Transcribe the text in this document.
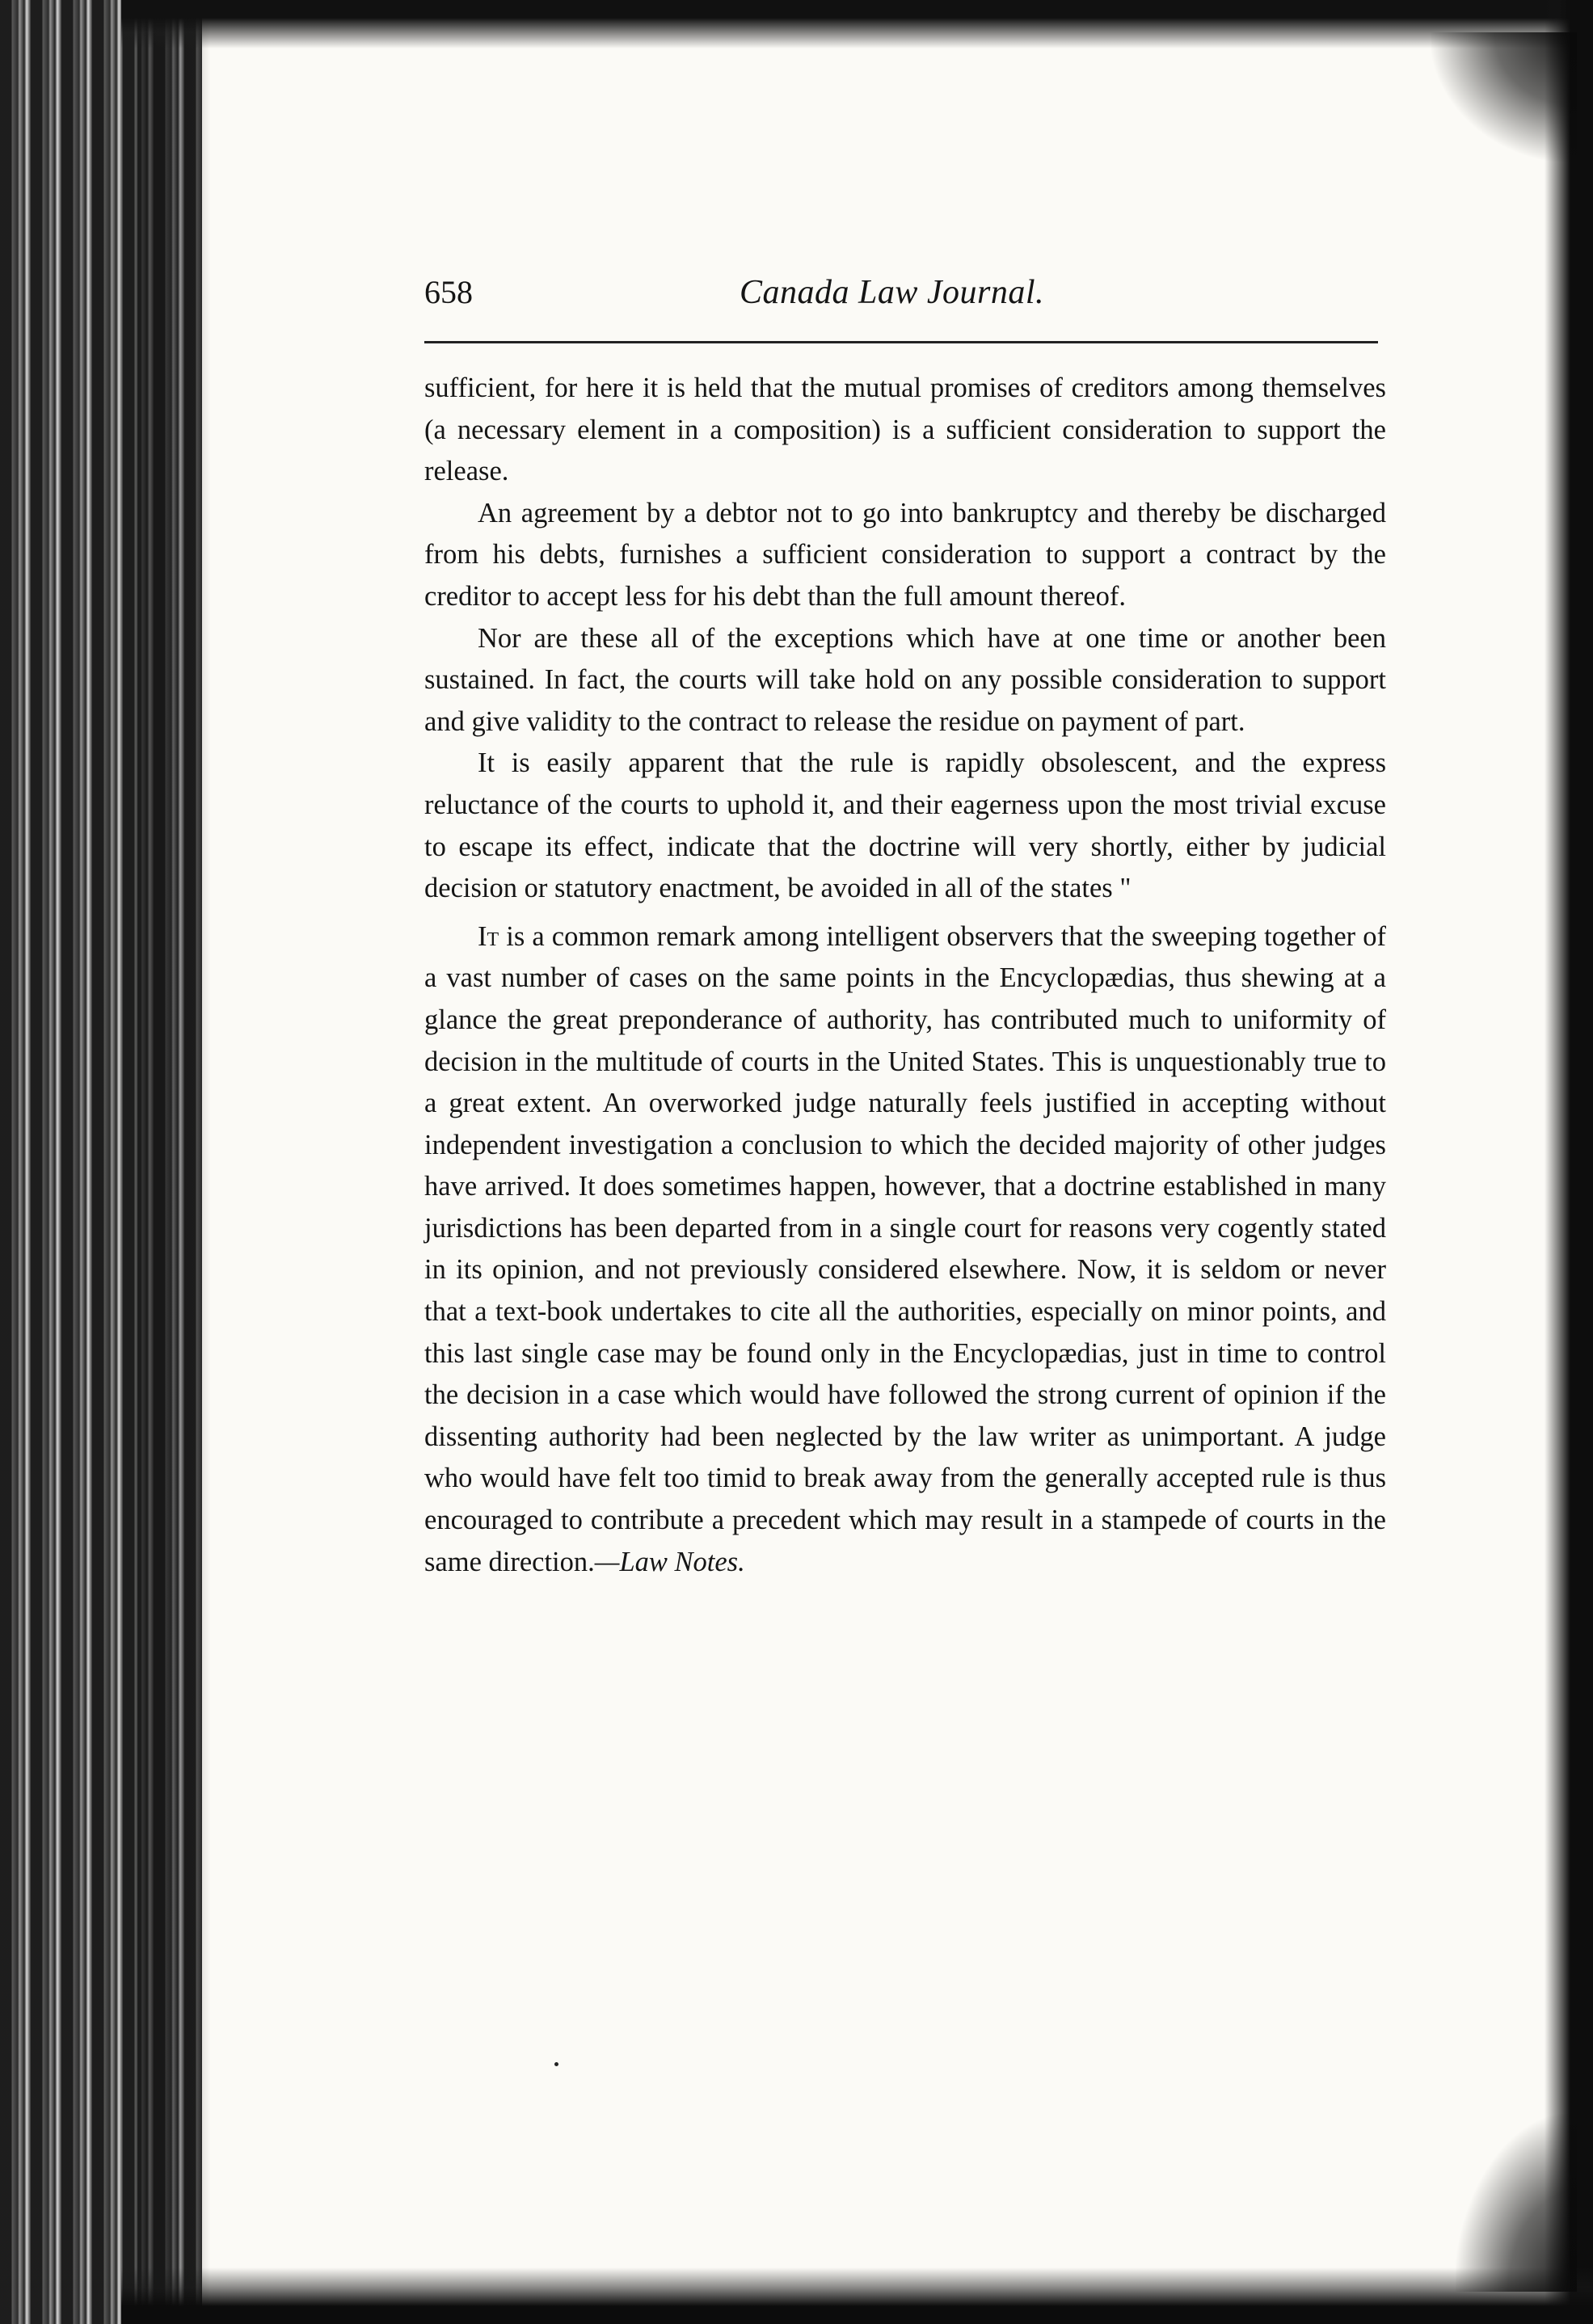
658	Canada Law Journal.

sufficient, for here it is held that the mutual promises of creditors among themselves (a necessary element in a composition) is a sufficient consideration to support the release.

An agreement by a debtor not to go into bankruptcy and thereby be discharged from his debts, furnishes a sufficient consideration to support a contract by the creditor to accept less for his debt than the full amount thereof.

Nor are these all of the exceptions which have at one time or another been sustained. In fact, the courts will take hold on any possible consideration to support and give validity to the contract to release the residue on payment of part.

It is easily apparent that the rule is rapidly obsolescent, and the express reluctance of the courts to uphold it, and their eagerness upon the most trivial excuse to escape its effect, indicate that the doctrine will very shortly, either by judicial decision or statutory enactment, be avoided in all of the states "

It is a common remark among intelligent observers that the sweeping together of a vast number of cases on the same points in the Encyclopædias, thus shewing at a glance the great preponderance of authority, has contributed much to uniformity of decision in the multitude of courts in the United States. This is unquestionably true to a great extent. An overworked judge naturally feels justified in accepting without independent investigation a conclusion to which the decided majority of other judges have arrived. It does sometimes happen, however, that a doctrine established in many jurisdictions has been departed from in a single court for reasons very cogently stated in its opinion, and not previously considered elsewhere. Now, it is seldom or never that a text-book undertakes to cite all the authorities, especially on minor points, and this last single case may be found only in the Encyclopædias, just in time to control the decision in a case which would have followed the strong current of opinion if the dissenting authority had been neglected by the law writer as unimportant. A judge who would have felt too timid to break away from the generally accepted rule is thus encouraged to contribute a precedent which may result in a stampede of courts in the same direction.—Law Notes.
